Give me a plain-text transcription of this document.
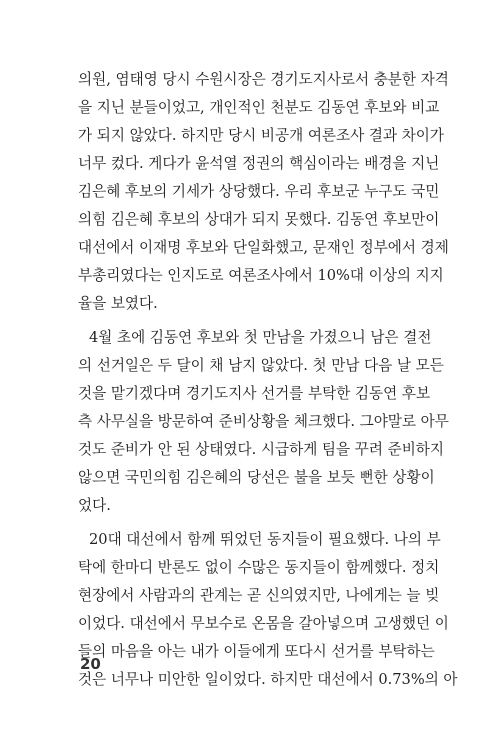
의원, 염태영 당시 수원시장은 경기도지사로서 충분한 자격
을 지닌 분들이었고, 개인적인 천분도 김동연 후보와 비교
가 되지 않았다. 하지만 당시 비공개 여론조사 결과 차이가
너무 컸다. 게다가 윤석열 정권의 핵심이라는 배경을 지닌
김은혜 후보의 기세가 상당했다. 우리 후보군 누구도 국민
의힘 김은혜 후보의 상대가 되지 못했다. 김동연 후보만이
대선에서 이재명 후보와 단일화했고, 문재인 정부에서 경제
부총리였다는 인지도로 여론조사에서 10%대 이상의 지지
율을 보였다.
4월 초에 김동연 후보와 첫 만남을 가졌으니 남은 결전
의 선거일은 두 달이 채 남지 않았다. 첫 만남 다음 날 모든
것을 맡기겠다며 경기도지사 선거를 부탁한 김동연 후보
측 사무실을 방문하여 준비상황을 체크했다. 그야말로 아무
것도 준비가 안 된 상태였다. 시급하게 팀을 꾸려 준비하지
않으면 국민의힘 김은혜의 당선은 불을 보듯 뻔한 상황이
었다.
20대 대선에서 함께 뛰었던 동지들이 필요했다. 나의 부
탁에 한마디 반론도 없이 수많은 동지들이 함께했다. 정치
현장에서 사람과의 관계는 곧 신의였지만, 나에게는 늘 빚
이었다. 대선에서 무보수로 온몸을 갈아넣으며 고생했던 이
들의 마음을 아는 내가 이들에게 또다시 선거를 부탁하는
것은 너무나 미안한 일이었다. 하지만 대선에서 0.73%의 아
20
